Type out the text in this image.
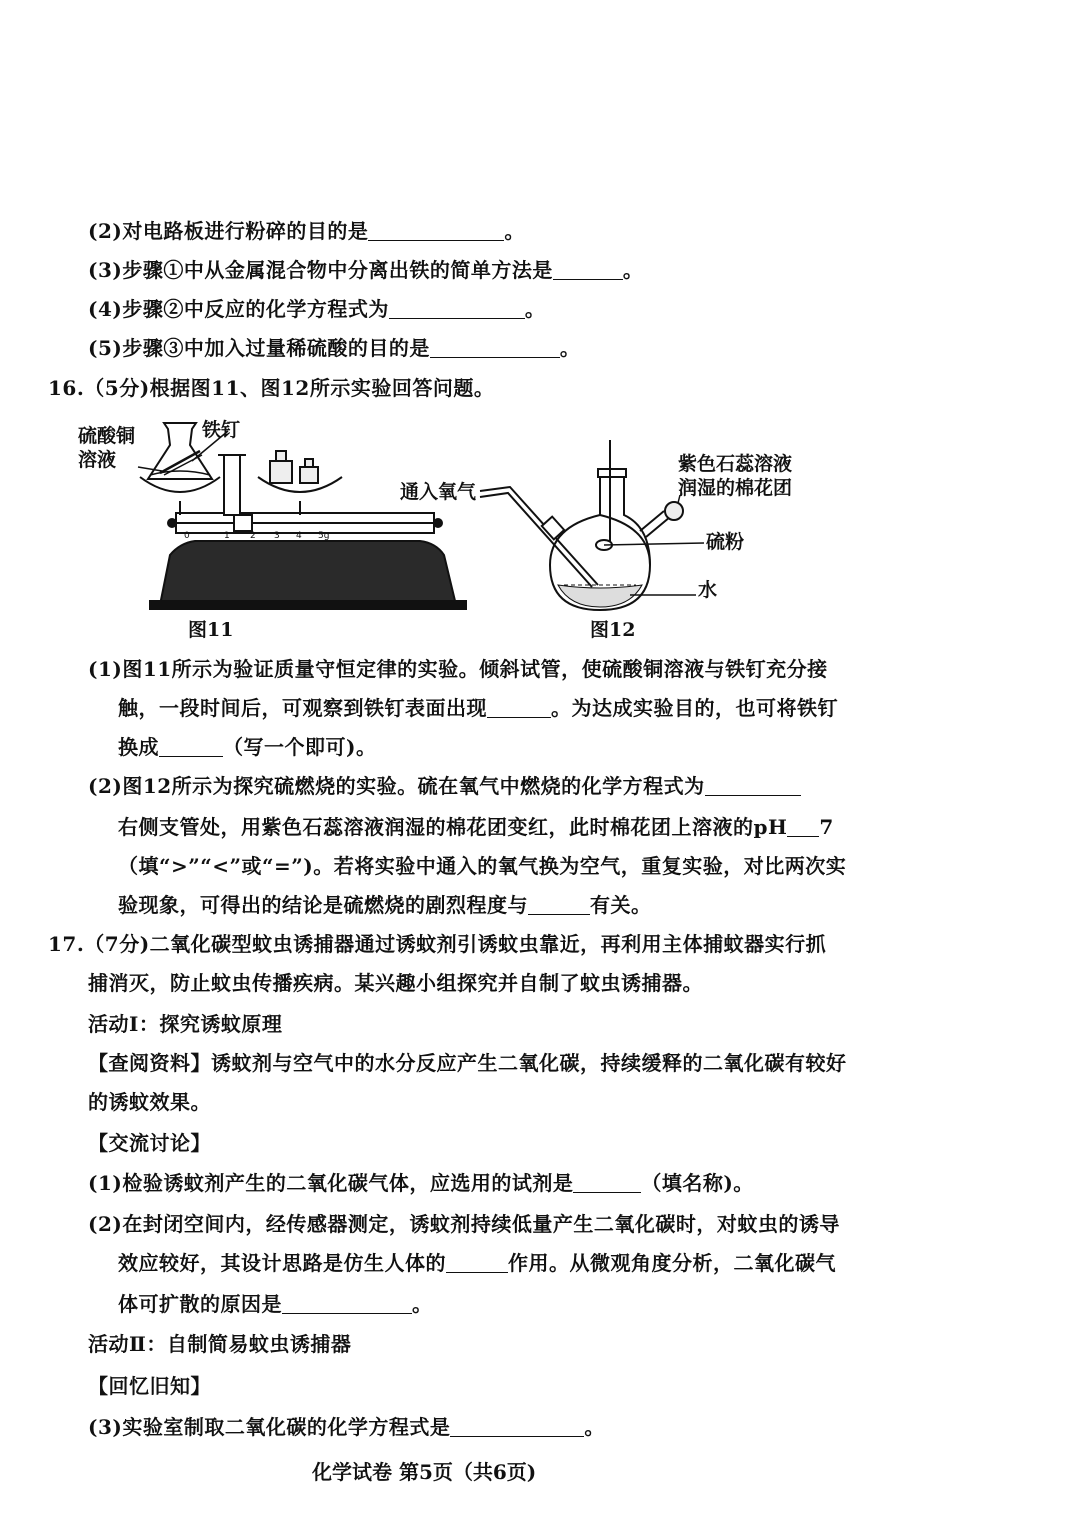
(2)对电路板进行粉碎的目的是	。
(3)步骤①中从金属混合物中分离出铁的简单方法是	。
(4)步骤②中反应的化学方程式为	。
(5)步骤③中加入过量稀硫酸的目的是	。
16.（5分)根据图11、图12所示实验回答问题。
硫酸铜
溶液
铁钉
0	1 2 3 4 5g
图11
通入氧气
紫色石蕊溶液
润湿的棉花团
硫粉
水
图12
(1)图11所示为验证质量守恒定律的实验。倾斜试管，使硫酸铜溶液与铁钉充分接
触，一段时间后，可观察到铁钉表面出现	。为达成实验目的，也可将铁钉
换成	（写一个即可)。
(2)图12所示为探究硫燃烧的实验。硫在氧气中燃烧的化学方程式为
右侧支管处，用紫色石蕊溶液润湿的棉花团变红，此时棉花团上溶液的pH 7
（填“>”“<”或“=”)。若将实验中通入的氧气换为空气，重复实验，对比两次实
验现象，可得出的结论是硫燃烧的剧烈程度与	有关。
17.（7分)二氧化碳型蚊虫诱捕器通过诱蚊剂引诱蚊虫靠近，再利用主体捕蚊器实行抓
捕消灭，防止蚊虫传播疾病。某兴趣小组探究并自制了蚊虫诱捕器。
活动Ⅰ：探究诱蚊原理
【查阅资料】诱蚊剂与空气中的水分反应产生二氧化碳，持续缓释的二氧化碳有较好
的诱蚊效果。
【交流讨论】
(1)检验诱蚊剂产生的二氧化碳气体，应选用的试剂是	（填名称)。
(2)在封闭空间内，经传感器测定，诱蚊剂持续低量产生二氧化碳时，对蚊虫的诱导
效应较好，其设计思路是仿生人体的	作用。从微观角度分析，二氧化碳气
体可扩散的原因是	。
活动Ⅱ：自制简易蚊虫诱捕器
【回忆旧知】
(3)实验室制取二氧化碳的化学方程式是	。
化学试卷 第5页（共6页)
